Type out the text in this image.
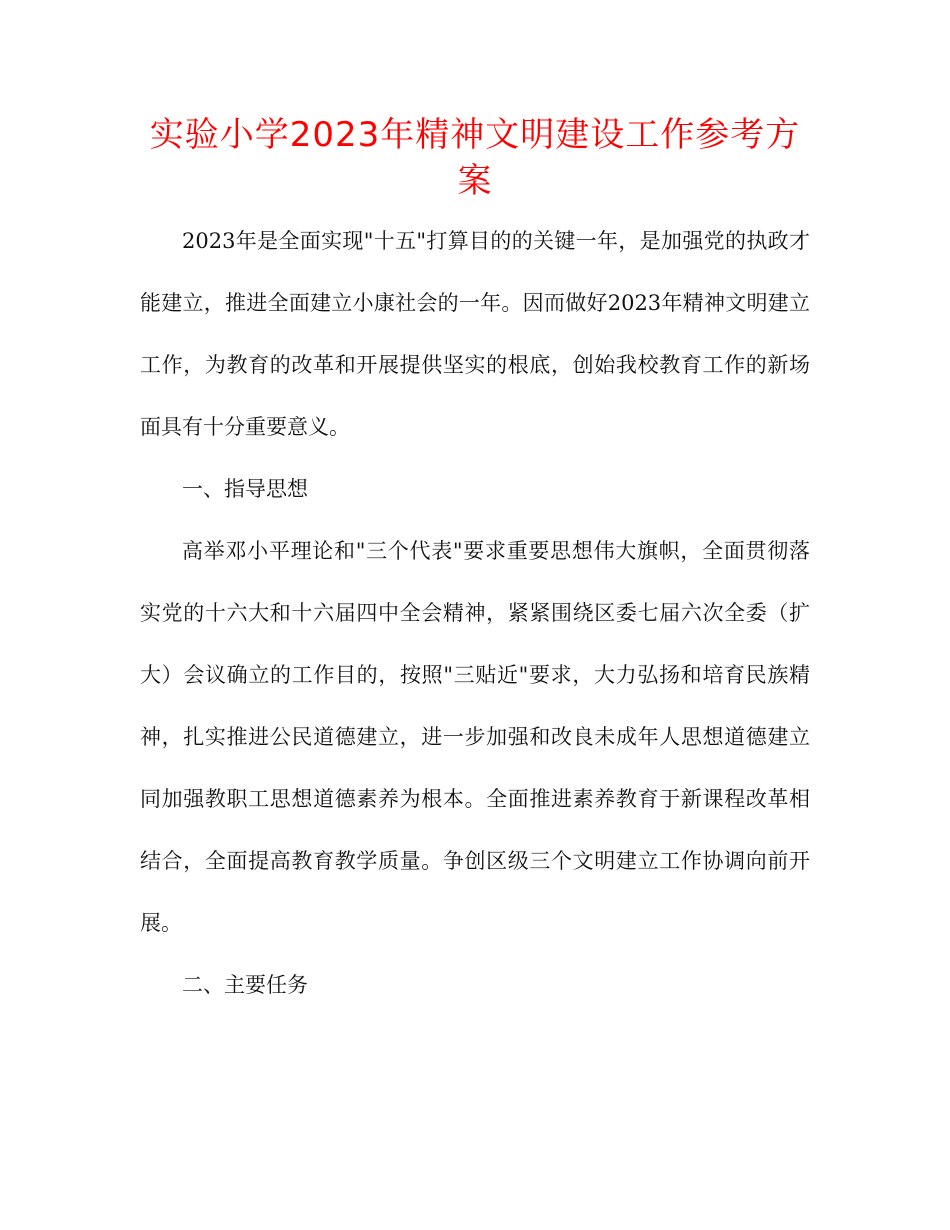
实验小学2023年精神文明建设工作参考方案

2023年是全面实现"十五"打算目的的关键一年，是加强党的执政才能建立，推进全面建立小康社会的一年。因而做好2023年精神文明建立工作，为教育的改革和开展提供坚实的根底，创始我校教育工作的新场面具有十分重要意义。

一、指导思想

高举邓小平理论和"三个代表"要求重要思想伟大旗帜，全面贯彻落实党的十六大和十六届四中全会精神，紧紧围绕区委七届六次全委（扩大）会议确立的工作目的，按照"三贴近"要求，大力弘扬和培育民族精神，扎实推进公民道德建立，进一步加强和改良未成年人思想道德建立同加强教职工思想道德素养为根本。全面推进素养教育于新课程改革相结合，全面提高教育教学质量。争创区级三个文明建立工作协调向前开展。

二、主要任务
